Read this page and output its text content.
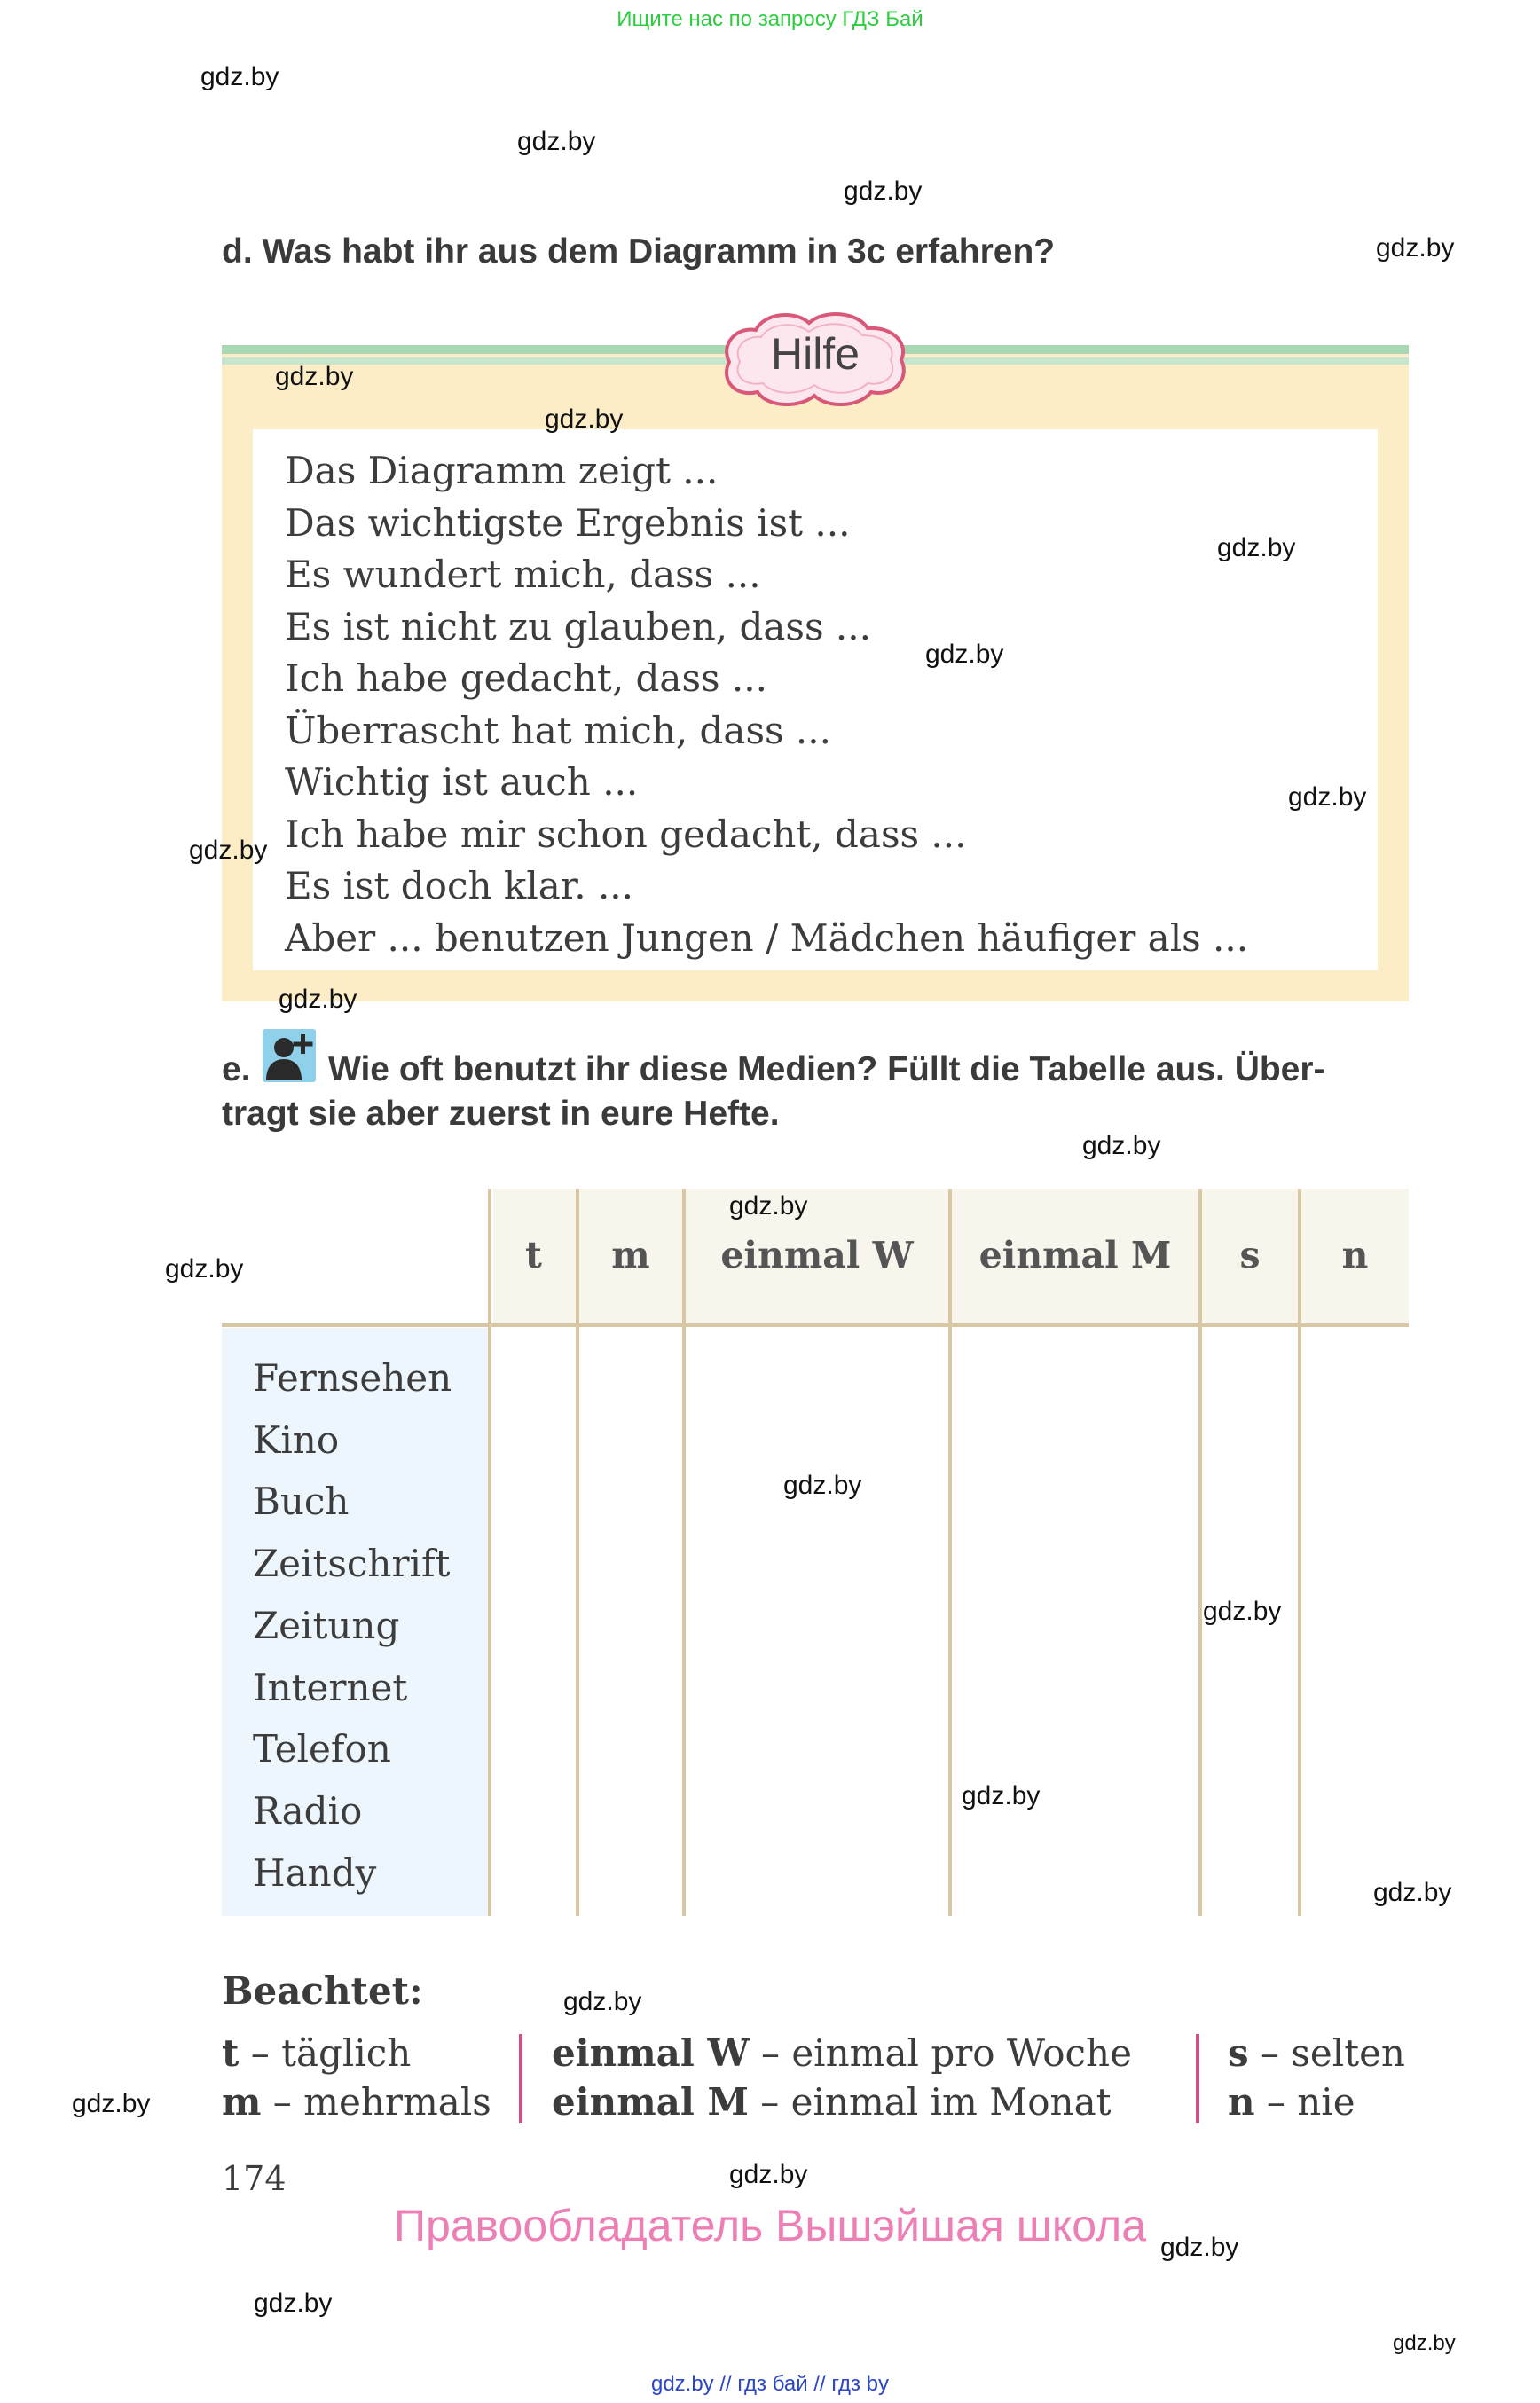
Ищите нас по запросу ГДЗ Бай
gdz.by
gdz.by
gdz.by
gdz.by
d. Was habt ihr aus dem Diagramm in 3c erfahren?
Hilfe
gdz.by
Das Diagramm zeigt ...
Das wichtigste Ergebnis ist ...
Es wundert mich, dass ...
Es ist nicht zu glauben, dass ...
Ich habe gedacht, dass ...
Überrascht hat mich, dass ...
Wichtig ist auch ...
Ich habe mir schon gedacht, dass ...
Es ist doch klar. ...
Aber ... benutzen Jungen / Mädchen häufiger als ...
gdz.by
gdz.by
gdz.by
gdz.by
gdz.by
gdz.by
e. Wie oft benutzt ihr diese Medien? Füllt die Tabelle aus. Über-
tragt sie aber zuerst in eure Hefte.
gdz.by
Fernsehen
Kino
Buch
Zeitschrift
Zeitung
Internet
Telefon
Radio
Handy
t	m	einmal W	einmal M	s	n
gdz.by
gdz.by
gdz.by
gdz.by
gdz.by
gdz.by
Beachtet:	gdz.by
t – täglich
m – mehrmals
einmal W – einmal pro Woche
einmal M – einmal im Monat
s – selten
n – nie
gdz.by
174	gdz.by
Правообладатель Вышэйшая школа gdz.by
gdz.by
gdz.by
gdz.by // гдз бай // гдз by
